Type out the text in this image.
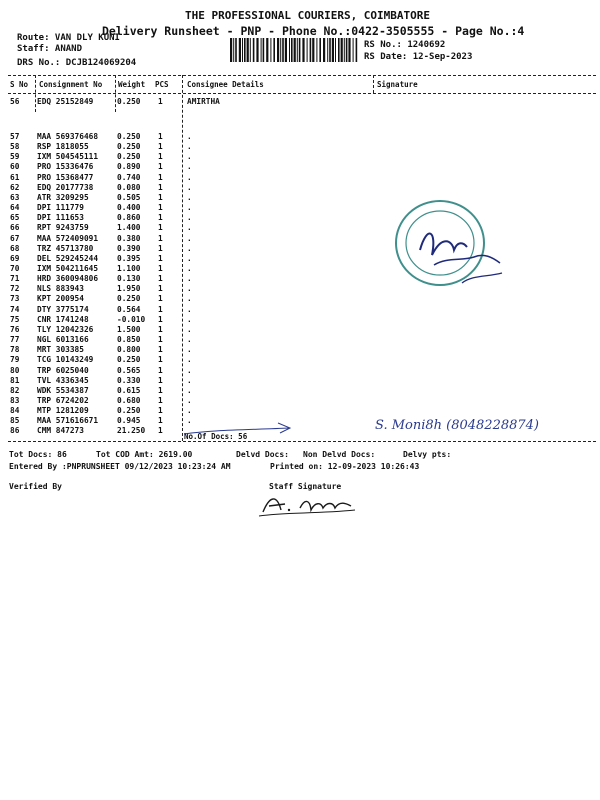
THE PROFESSIONAL COURIERS, COIMBATORE
Delivery Runsheet - PNP - Phone No.:0422-3505555 - Page No.:4
Route: VAN DLY KUNI
Staff: ANAND
DRS No.: DCJB124069204
RS No.: 1240692
RS Date: 12-Sep-2023
S No Consignment No Weight PCS Consignee Details	Signature
56 EDQ 25152849	0.250 1	AMIRTHA
57 MAA 569376468 0.250 1	.
58 RSP 1818055	0.250 1	.
59 IXM 504545111 0.250 1	.
60 PRO 15336476	0.890 1	.
61 PRO 15368477	0.740 1	.
62 EDQ 20177738	0.080 1	.
63 ATR 3209295	0.505 1	.
64 DPI 111779	0.400 1	.
65 DPI 111653	0.860 1	.
66 RPT 9243759	1.400 1	.
67 MAA 572409091 0.380 1	.
68 TRZ 45713780	0.390 1	.
69 DEL 529245244 0.395 1	.
70 IXM 504211645 1.100 1	.
71 HRD 360094806 0.130 1	.
72 NLS 883943	1.950 1	.
73 KPT 200954	0.250 1	.
74 DTY 3775174	0.564 1	.
75 CNR 1741248	-0.010 1	.
76 TLY 12042326	1.500 1	.
77 NGL 6013166	0.850 1	.
78 MRT 303385	0.800 1	.
79 TCG 10143249	0.250 1	.
80 TRP 6025040	0.565 1	.
81 TVL 4336345	0.330 1	.
82 WDK 5534387	0.615 1	.
83 TRP 6724202	0.680 1	.
84 MTP 1281209	0.250 1	.
85 MAA 571616671 0.945 1	.
86 CMM 847273	21.250 1
No.Of Docs: 56
S. Moni8h (8048228874)
Tot Docs: 86	Tot COD Amt: 2619.00	Delvd Docs: Non Delvd Docs:	Delvy pts:
Entered By :PNPRUNSHEET 09/12/2023 10:23:24 AM	Printed on: 12-09-2023 10:26:43
Verified By	Staff Signature
